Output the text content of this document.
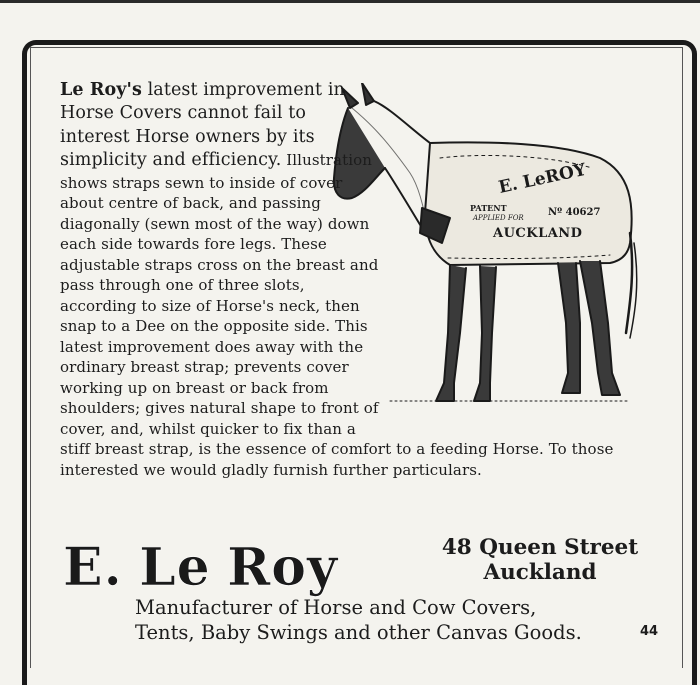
E. LeROY
PATENT
APPLIED FOR Nº 40627
AUCKLAND
Le Roy's latest improvement in Horse Covers cannot fail to interest Horse owners by its simplicity and efficiency. Illustration shows straps sewn to inside of cover about centre of back, and passing diagonally (sewn most of the way) down each side towards fore legs. These adjustable straps cross on the breast and pass through one of three slots, according to size of Horse's neck, then snap to a Dee on the opposite side. This latest improvement does away with the ordinary breast strap; prevents cover working up on breast or back from shoulders; gives natural shape to front of cover, and, whilst quicker to fix than a stiff breast strap, is the essence of comfort to a feeding Horse. To those interested we would gladly furnish further particulars.
E. Le Roy	48 Queen Street
Auckland
Manufacturer of Horse and Cow Covers,
Tents, Baby Swings and other Canvas Goods.	44
